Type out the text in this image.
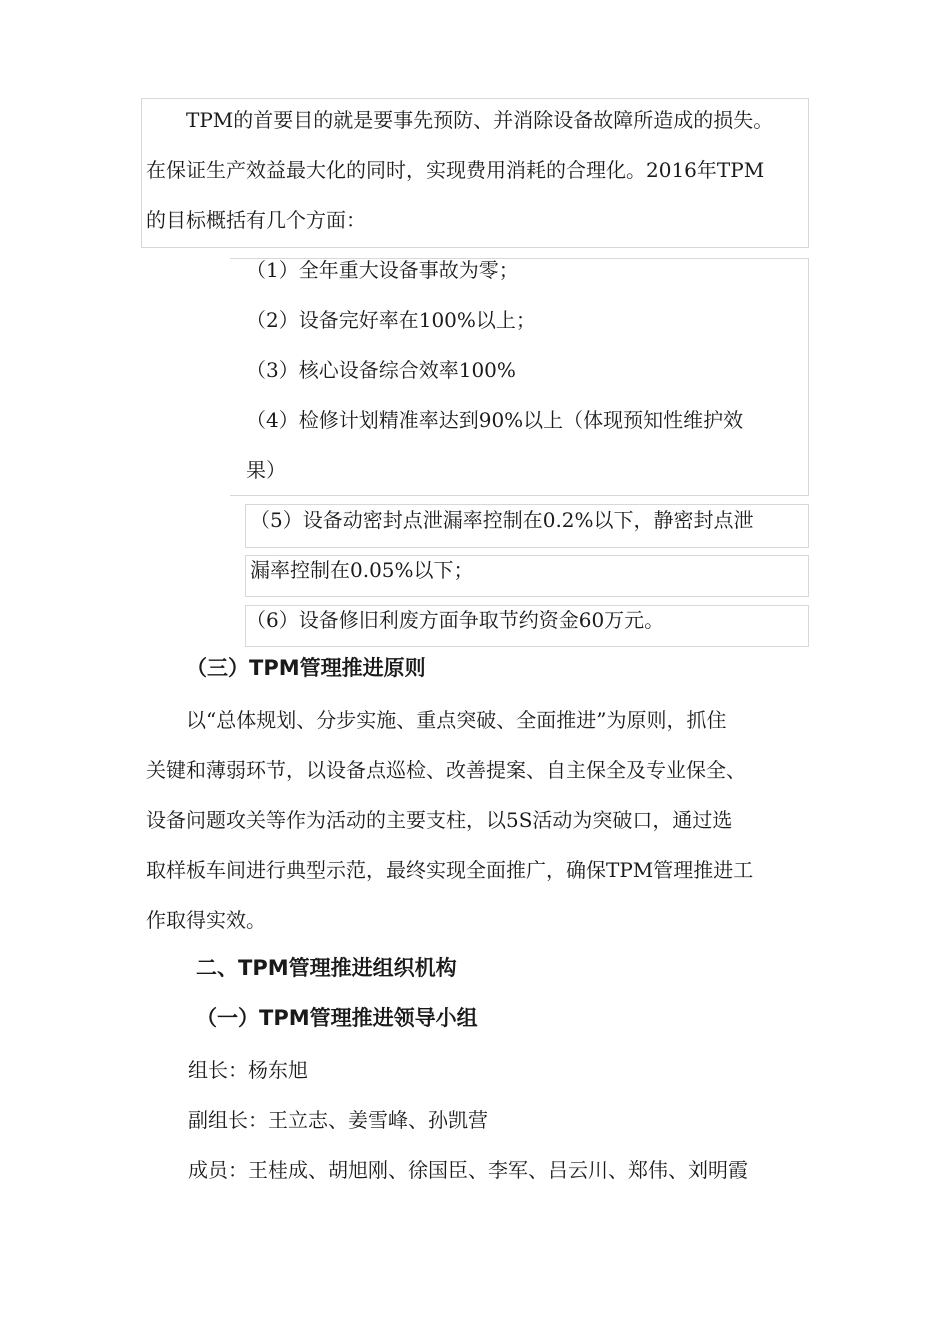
TPM的首要目的就是要事先预防、并消除设备故障所造成的损失。
在保证生产效益最大化的同时，实现费用消耗的合理化。2016年TPM
的目标概括有几个方面：
（1）全年重大设备事故为零；
（2）设备完好率在100%以上；
（3）核心设备综合效率100%
（4）检修计划精准率达到90%以上（体现预知性维护效
果）
（5）设备动密封点泄漏率控制在0.2%以下，静密封点泄
漏率控制在0.05%以下；
（6）设备修旧利废方面争取节约资金60万元。
（三）TPM管理推进原则
以“总体规划、分步实施、重点突破、全面推进”为原则，抓住
关键和薄弱环节，以设备点巡检、改善提案、自主保全及专业保全、
设备问题攻关等作为活动的主要支柱，以5S活动为突破口，通过选
取样板车间进行典型示范，最终实现全面推广，确保TPM管理推进工
作取得实效。
二、TPM管理推进组织机构
（一）TPM管理推进领导小组
组长：杨东旭
副组长：王立志、姜雪峰、孙凯营
成员：王桂成、胡旭刚、徐国臣、李军、吕云川、郑伟、刘明霞
